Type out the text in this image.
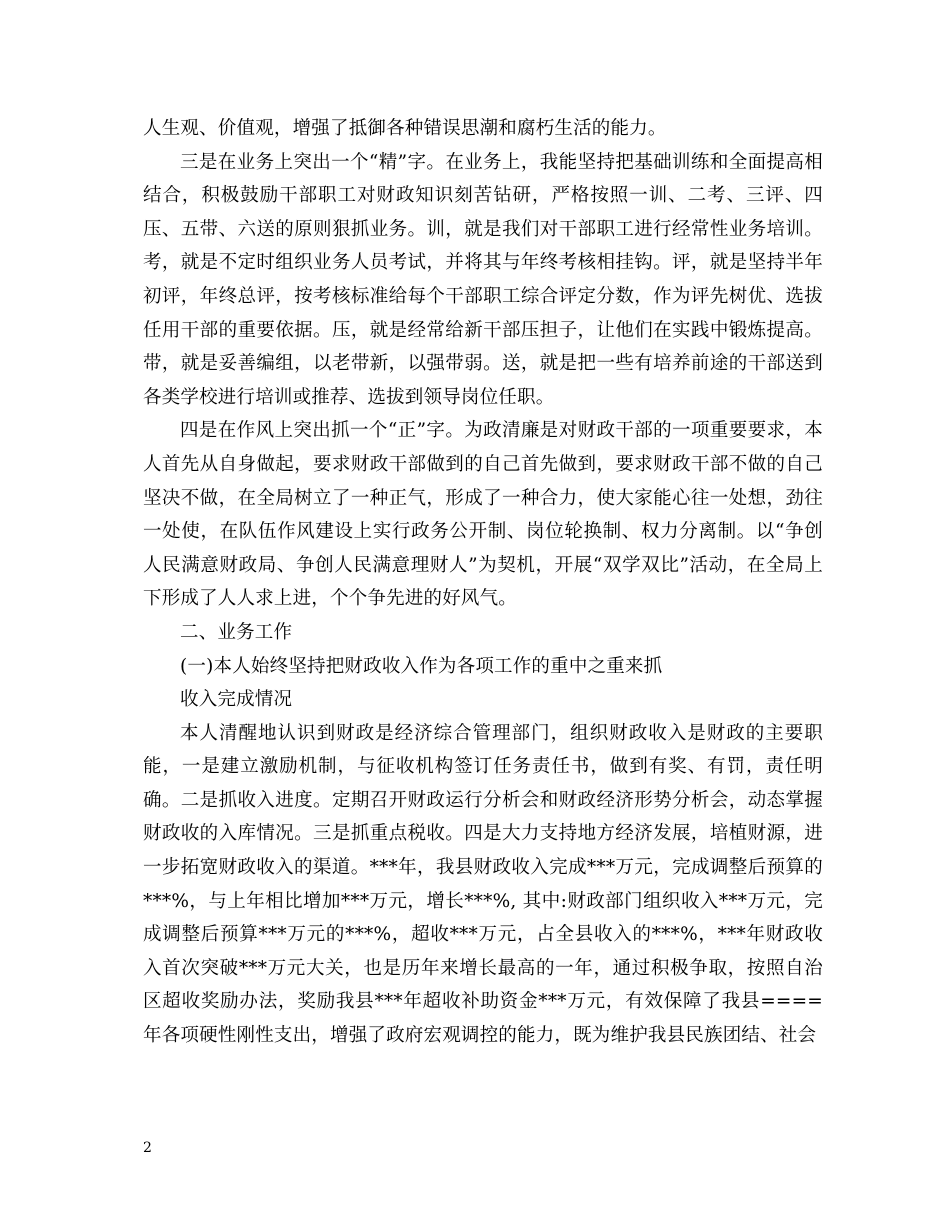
人生观、价值观，增强了抵御各种错误思潮和腐朽生活的能力。

三是在业务上突出一个“精”字。在业务上，我能坚持把基础训练和全面提高相结合，积极鼓励干部职工对财政知识刻苦钻研，严格按照一训、二考、三评、四压、五带、六送的原则狠抓业务。训，就是我们对干部职工进行经常性业务培训。考，就是不定时组织业务人员考试，并将其与年终考核相挂钩。评，就是坚持半年初评，年终总评，按考核标准给每个干部职工综合评定分数，作为评先树优、选拔任用干部的重要依据。压，就是经常给新干部压担子，让他们在实践中锻炼提高。带，就是妥善编组，以老带新，以强带弱。送，就是把一些有培养前途的干部送到各类学校进行培训或推荐、选拔到领导岗位任职。

四是在作风上突出抓一个“正”字。为政清廉是对财政干部的一项重要要求，本人首先从自身做起，要求财政干部做到的自己首先做到，要求财政干部不做的自己坚决不做，在全局树立了一种正气，形成了一种合力，使大家能心往一处想，劲往一处使，在队伍作风建设上实行政务公开制、岗位轮换制、权力分离制。以“争创人民满意财政局、争创人民满意理财人”为契机，开展“双学双比”活动，在全局上下形成了人人求上进，个个争先进的好风气。

二、业务工作

(一)本人始终坚持把财政收入作为各项工作的重中之重来抓

收入完成情况

本人清醒地认识到财政是经济综合管理部门，组织财政收入是财政的主要职能，一是建立激励机制，与征收机构签订任务责任书，做到有奖、有罚，责任明确。二是抓收入进度。定期召开财政运行分析会和财政经济形势分析会，动态掌握财政收的入库情况。三是抓重点税收。四是大力支持地方经济发展，培植财源，进一步拓宽财政收入的渠道。***年，我县财政收入完成***万元，完成调整后预算的***%，与上年相比增加***万元，增长***%, 其中:财政部门组织收入***万元，完成调整后预算***万元的***%，超收***万元，占全县收入的***%，***年财政收入首次突破***万元大关，也是历年来增长最高的一年，通过积极争取，按照自治区超收奖励办法，奖励我县***年超收补助资金***万元，有效保障了我县====年各项硬性刚性支出，增强了政府宏观调控的能力，既为维护我县民族团结、社会

2
